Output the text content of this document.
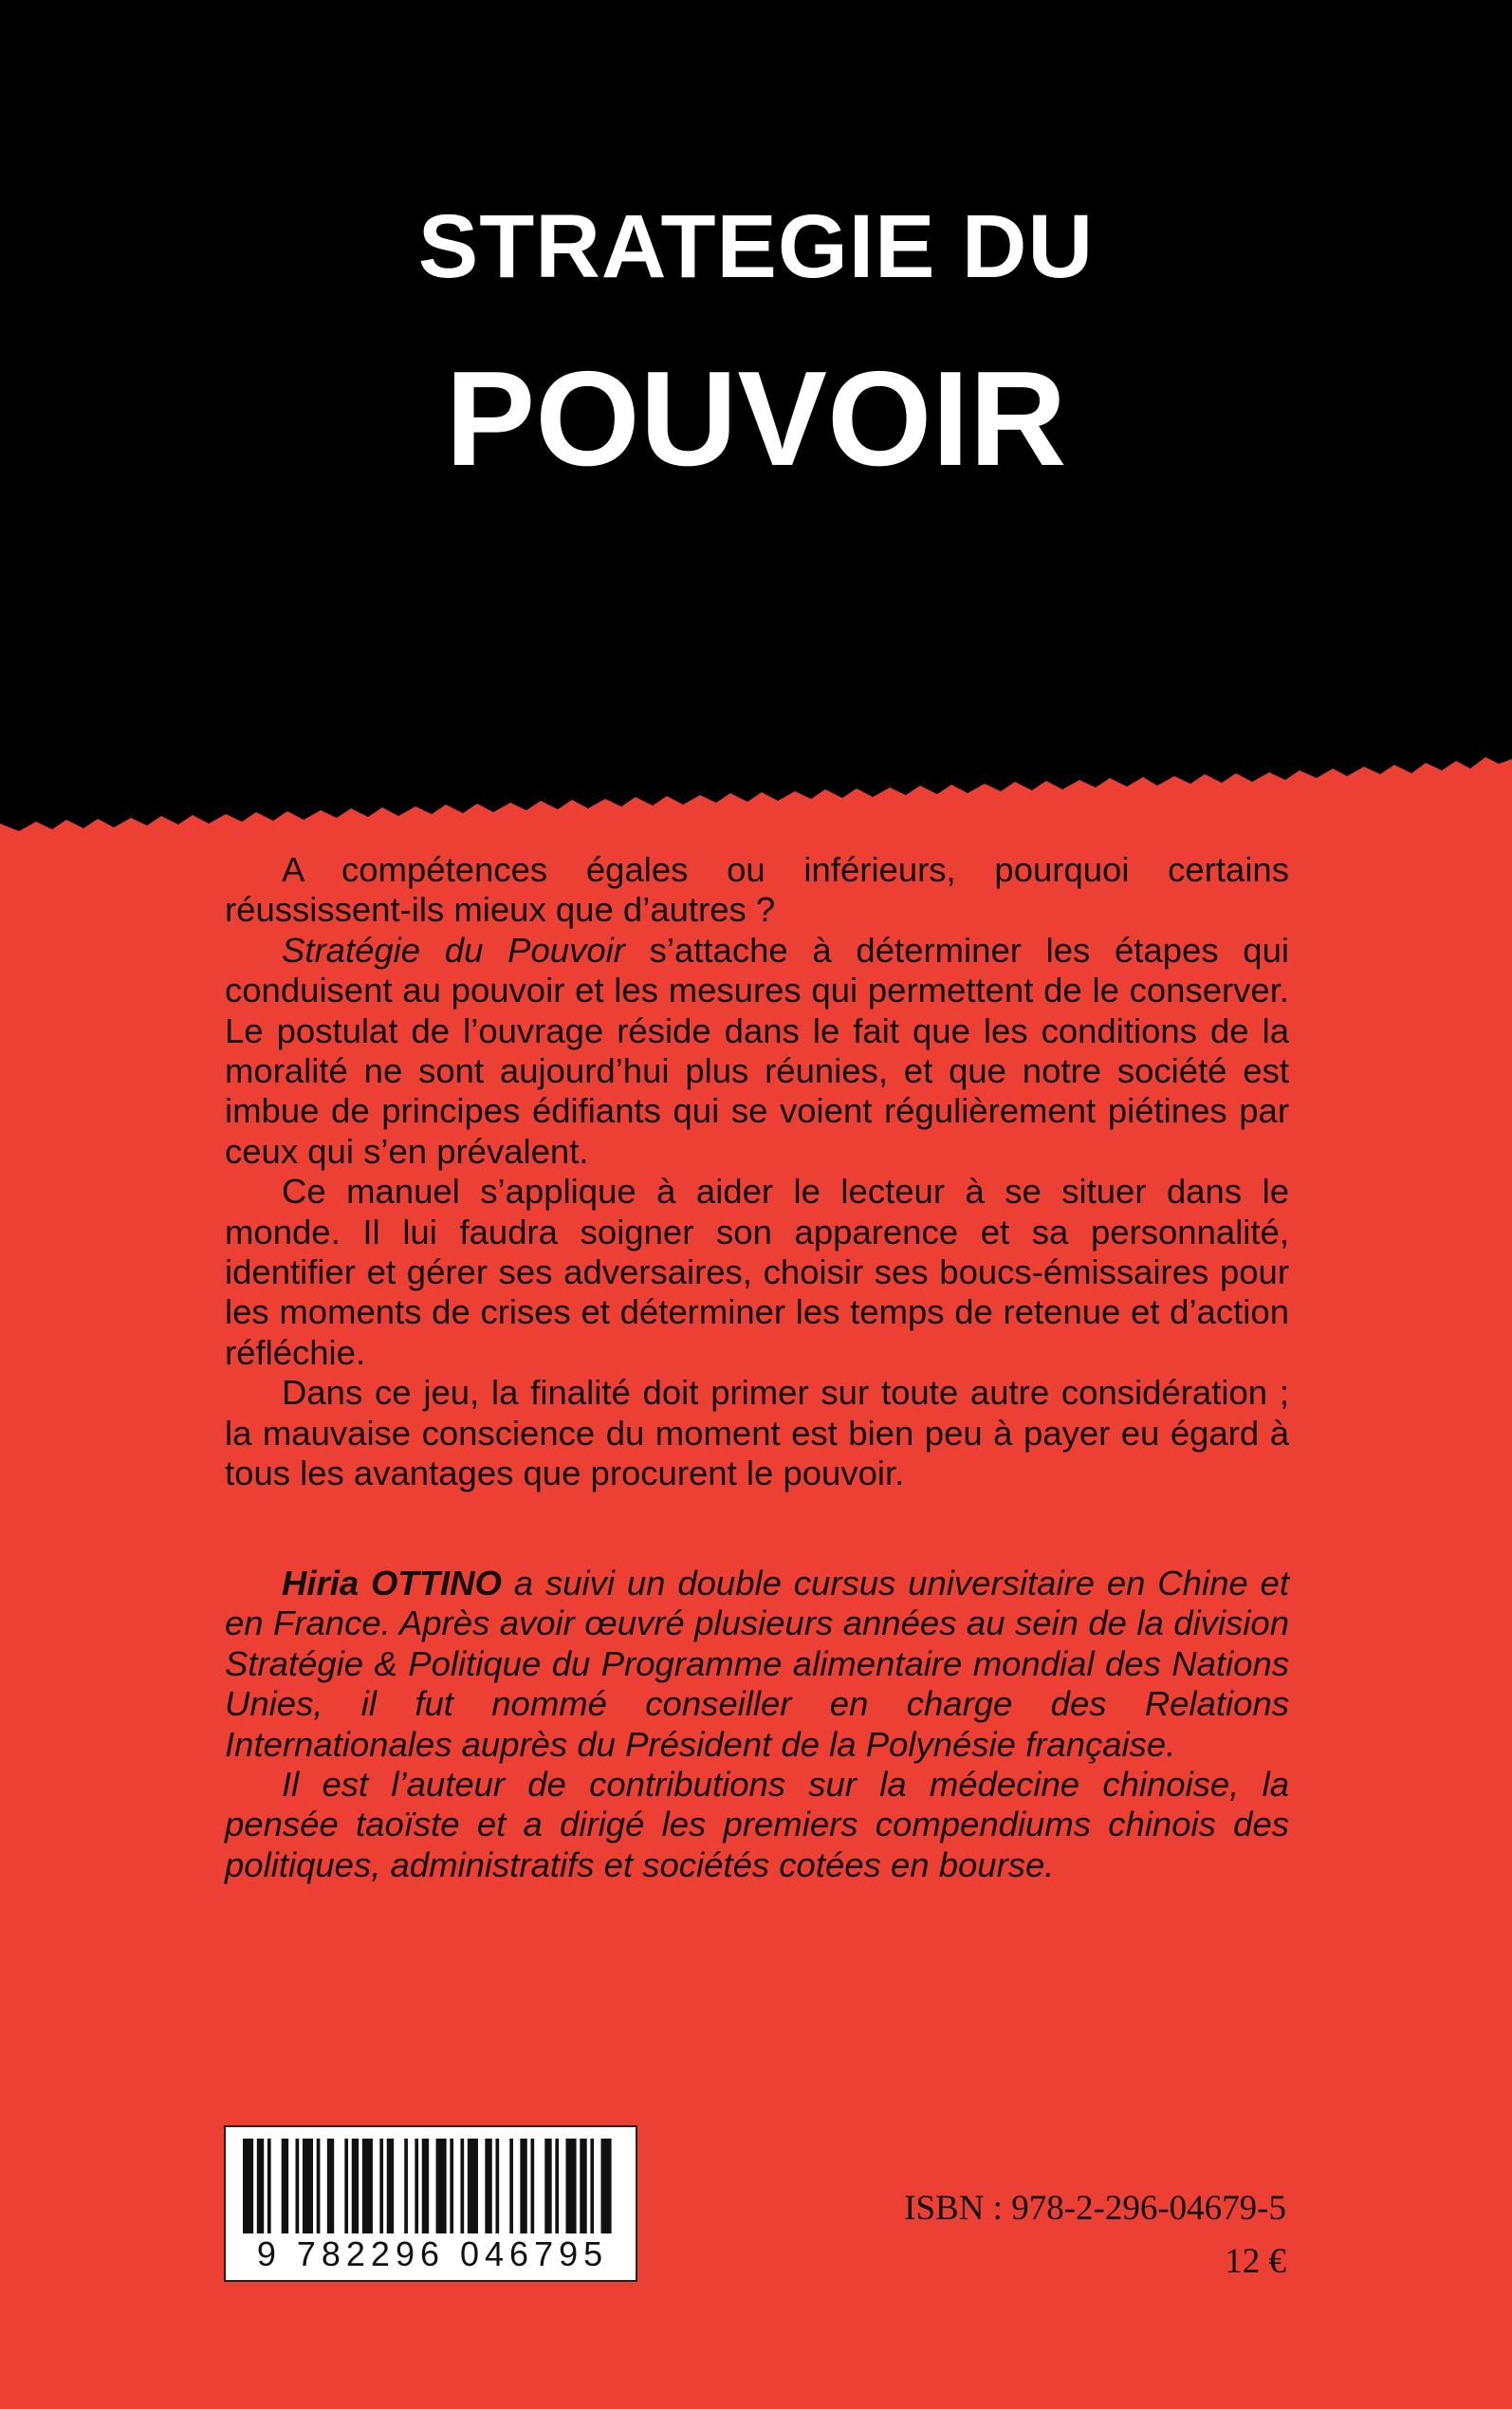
STRATEGIE DU
POUVOIR

A compétences égales ou inférieurs, pourquoi certains réussissent-ils mieux que d’autres ?

Stratégie du Pouvoir s’attache à déterminer les étapes qui conduisent au pouvoir et les mesures qui permettent de le conserver. Le postulat de l’ouvrage réside dans le fait que les conditions de la moralité ne sont aujourd’hui plus réunies, et que notre société est imbue de principes édifiants qui se voient régulièrement piétines par ceux qui s’en prévalent.

Ce manuel s’applique à aider le lecteur à se situer dans le monde. Il lui faudra soigner son apparence et sa personnalité, identifier et gérer ses adversaires, choisir ses boucs-émissaires pour les moments de crises et déterminer les temps de retenue et d’action réfléchie.

Dans ce jeu, la finalité doit primer sur toute autre considération ; la mauvaise conscience du moment est bien peu à payer eu égard à tous les avantages que procurent le pouvoir.

Hiria OTTINO a suivi un double cursus universitaire en Chine et en France. Après avoir œuvré plusieurs années au sein de la division Stratégie & Politique du Programme alimentaire mondial des Nations Unies, il fut nommé conseiller en charge des Relations Internationales auprès du Président de la Polynésie française.

Il est l’auteur de contributions sur la médecine chinoise, la pensée taoïste et a dirigé les premiers compendiums chinois des politiques, administratifs et sociétés cotées en bourse.

9 782296 046795
ISBN : 978-2-296-04679-5
12 €
